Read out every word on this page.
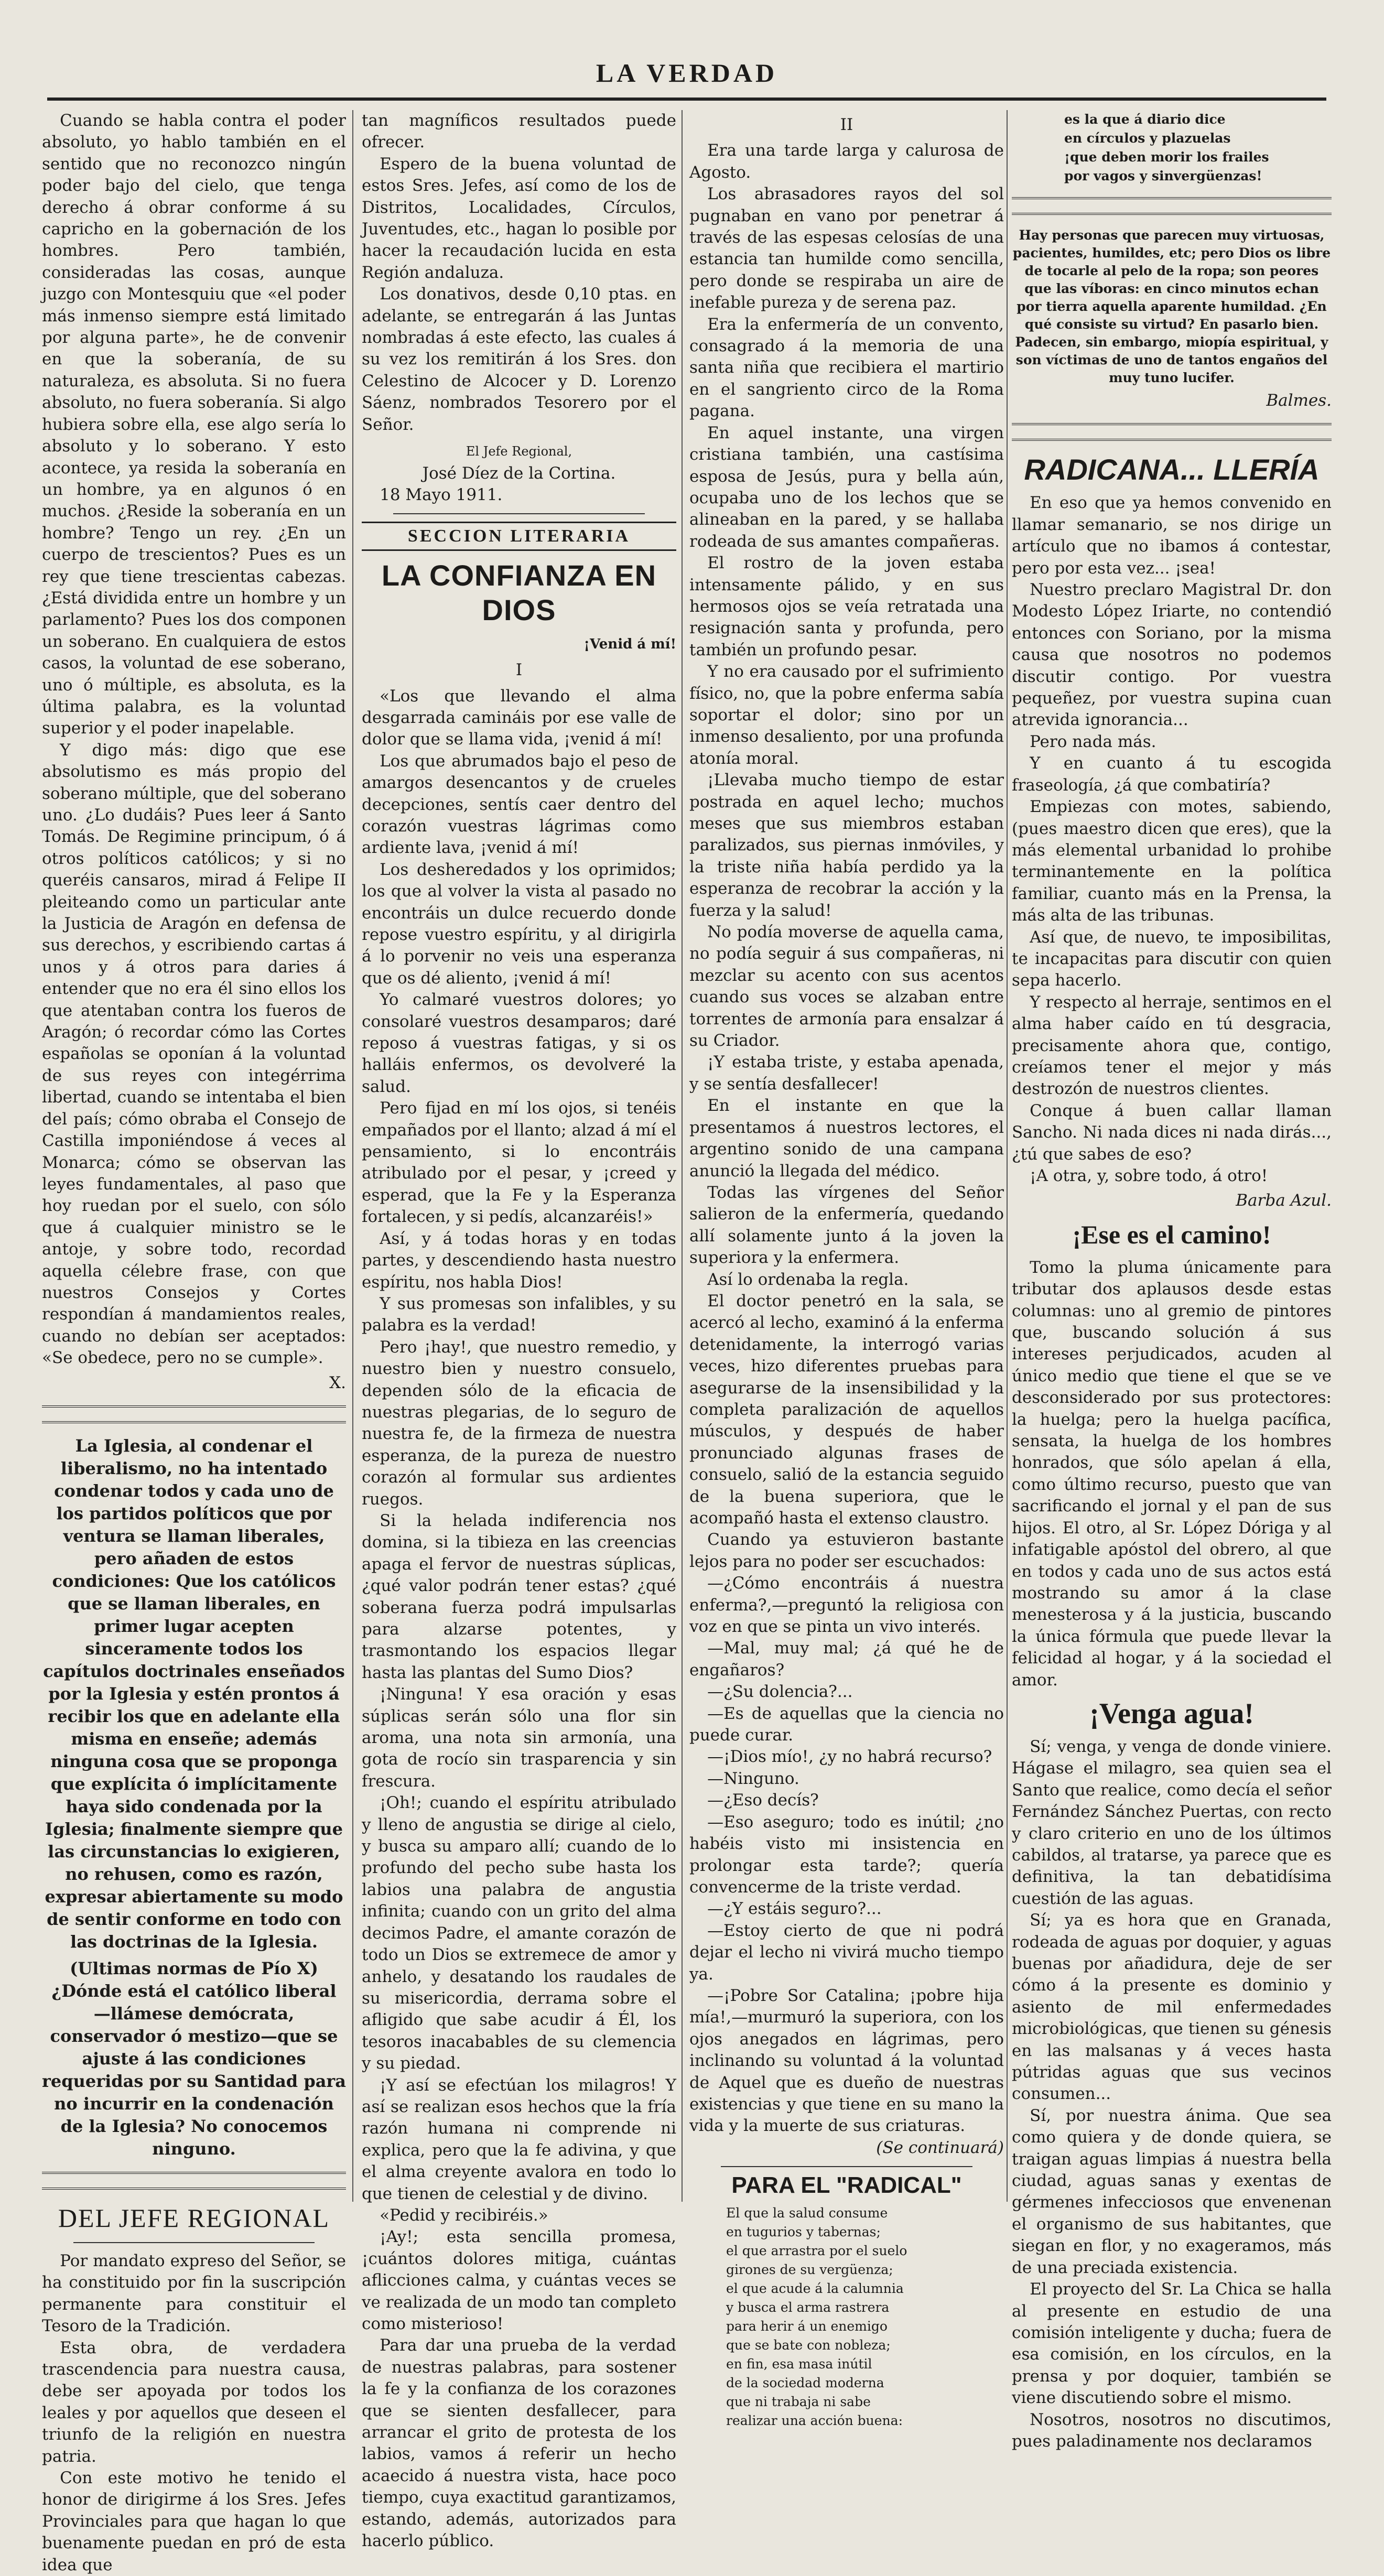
LA VERDAD

Cuando se habla contra el poder absoluto, yo hablo también en el sentido que no reconozco ningún poder bajo del cielo, que tenga derecho á obrar conforme á su capricho en la gobernación de los hombres. Pero también, consideradas las cosas, aunque juzgo con Montesquiu que «el poder más inmenso siempre está limitado por alguna parte», he de convenir en que la soberanía, de su naturaleza, es absoluta. Si no fuera absoluto, no fuera soberanía. Si algo hubiera sobre ella, ese algo sería lo absoluto y lo soberano. Y esto acontece, ya resida la soberanía en un hombre, ya en algunos ó en muchos. ¿Reside la soberanía en un hombre? Tengo un rey. ¿En un cuerpo de trescientos? Pues es un rey que tiene trescientas cabezas. ¿Está dividida entre un hombre y un parlamento? Pues los dos componen un soberano. En cualquiera de estos casos, la voluntad de ese soberano, uno ó múltiple, es absoluta, es la última palabra, es la voluntad superior y el poder inapelable.

Y digo más: digo que ese absolutismo es más propio del soberano múltiple, que del soberano uno. ¿Lo dudáis? Pues leer á Santo Tomás. De Regimine principum, ó á otros políticos católicos; y si no queréis cansaros, mirad á Felipe II pleiteando como un particular ante la Justicia de Aragón en defensa de sus derechos, y escribiendo cartas á unos y á otros para daries á entender que no era él sino ellos los que atentaban contra los fueros de Aragón; ó recordar cómo las Cortes españolas se oponían á la voluntad de sus reyes con integérrima libertad, cuando se intentaba el bien del país; cómo obraba el Consejo de Castilla imponiéndose á veces al Monarca; cómo se observan las leyes fundamentales, al paso que hoy ruedan por el suelo, con sólo que á cualquier ministro se le antoje, y sobre todo, recordad aquella célebre frase, con que nuestros Consejos y Cortes respondían á mandamientos reales, cuando no debían ser aceptados: «Se obedece, pero no se cumple».

X.

La Iglesia, al condenar el liberalismo, no ha intentado condenar todos y cada uno de los partidos políticos que por ventura se llaman liberales, pero añaden de estos condiciones: Que los católicos que se llaman liberales, en primer lugar acepten sinceramente todos los capítulos doctrinales enseñados por la Iglesia y estén prontos á recibir los que en adelante ella misma en enseñe; además ninguna cosa que se proponga que explícita ó implícitamente haya sido condenada por la Iglesia; finalmente siempre que las circunstancias lo exigieren, no rehusen, como es razón, expresar abiertamente su modo de sentir conforme en todo con las doctrinas de la Iglesia.
(Ultimas normas de Pío X) ¿Dónde está el católico liberal —llámese demócrata, conservador ó mestizo—que se ajuste á las condiciones requeridas por su Santidad para no incurrir en la condenación de la Iglesia? No conocemos ninguno.
DEL JEFE REGIONAL

Por mandato expreso del Señor, se ha constituido por fin la suscripción permanente para constituir el Tesoro de la Tradición.

Esta obra, de verdadera trascendencia para nuestra causa, debe ser apoyada por todos los leales y por aquellos que deseen el triunfo de la religión en nuestra patria.

Con este motivo he tenido el honor de dirigirme á los Sres. Jefes Provinciales para que hagan lo que buenamente puedan en pró de esta idea que

tan magníficos resultados puede ofrecer.

Espero de la buena voluntad de estos Sres. Jefes, así como de los de Distritos, Localidades, Círculos, Juventudes, etc., hagan lo posible por hacer la recaudación lucida en esta Región andaluza.

Los donativos, desde 0,10 ptas. en adelante, se entregarán á las Juntas nombradas á este efecto, las cuales á su vez los remitirán á los Sres. don Celestino de Alcocer y D. Lorenzo Sáenz, nombrados Tesorero por el Señor.

El Jefe Regional,

José Díez de la Cortina.

18 Mayo 1911.

SECCION LITERARIA
LA CONFIANZA EN DIOS
¡Venid á mí!

I

«Los que llevando el alma desgarrada camináis por ese valle de dolor que se llama vida, ¡venid á mí!

Los que abrumados bajo el peso de amargos desencantos y de crueles decepciones, sentís caer dentro del corazón vuestras lágrimas como ardiente lava, ¡venid á mí!

Los desheredados y los oprimidos; los que al volver la vista al pasado no encontráis un dulce recuerdo donde repose vuestro espíritu, y al dirigirla á lo porvenir no veis una esperanza que os dé aliento, ¡venid á mí!

Yo calmaré vuestros dolores; yo consolaré vuestros desamparos; daré reposo á vuestras fatigas, y si os halláis enfermos, os devolveré la salud.

Pero fijad en mí los ojos, si tenéis empañados por el llanto; alzad á mí el pensamiento, si lo encontráis atribulado por el pesar, y ¡creed y esperad, que la Fe y la Esperanza fortalecen, y si pedís, alcanzaréis!»

Así, y á todas horas y en todas partes, y descendiendo hasta nuestro espíritu, nos habla Dios!

Y sus promesas son infalibles, y su palabra es la verdad!

Pero ¡hay!, que nuestro remedio, y nuestro bien y nuestro consuelo, dependen sólo de la eficacia de nuestras plegarias, de lo seguro de nuestra fe, de la firmeza de nuestra esperanza, de la pureza de nuestro corazón al formular sus ardientes ruegos.

Si la helada indiferencia nos domina, si la tibieza en las creencias apaga el fervor de nuestras súplicas, ¿qué valor podrán tener estas? ¿qué soberana fuerza podrá impulsarlas para alzarse potentes, y trasmontando los espacios llegar hasta las plantas del Sumo Dios?

¡Ninguna! Y esa oración y esas súplicas serán sólo una flor sin aroma, una nota sin armonía, una gota de rocío sin trasparencia y sin frescura.

¡Oh!; cuando el espíritu atribulado y lleno de angustia se dirige al cielo, y busca su amparo allí; cuando de lo profundo del pecho sube hasta los labios una palabra de angustia infinita; cuando con un grito del alma decimos Padre, el amante corazón de todo un Dios se extremece de amor y anhelo, y desatando los raudales de su misericordia, derrama sobre el afligido que sabe acudir á Él, los tesoros inacabables de su clemencia y su piedad.

¡Y así se efectúan los milagros! Y así se realizan esos hechos que la fría razón humana ni comprende ni explica, pero que la fe adivina, y que el alma creyente avalora en todo lo que tienen de celestial y de divino.

«Pedid y recibiréis.»

¡Ay!; esta sencilla promesa, ¡cuántos dolores mitiga, cuántas aflicciones calma, y cuántas veces se ve realizada de un modo tan completo como misterioso!

Para dar una prueba de la verdad de nuestras palabras, para sostener la fe y la confianza de los corazones que se sienten desfallecer, para arrancar el grito de protesta de los labios, vamos á referir un hecho acaecido á nuestra vista, hace poco tiempo, cuya exactitud garantizamos, estando, además, autorizados para hacerlo público.

II

Era una tarde larga y calurosa de Agosto.

Los abrasadores rayos del sol pugnaban en vano por penetrar á través de las espesas celosías de una estancia tan humilde como sencilla, pero donde se respiraba un aire de inefable pureza y de serena paz.

Era la enfermería de un convento, consagrado á la memoria de una santa niña que recibiera el martirio en el sangriento circo de la Roma pagana.

En aquel instante, una virgen cristiana también, una castísima esposa de Jesús, pura y bella aún, ocupaba uno de los lechos que se alineaban en la pared, y se hallaba rodeada de sus amantes compañeras.

El rostro de la joven estaba intensamente pálido, y en sus hermosos ojos se veía retratada una resignación santa y profunda, pero también un profundo pesar.

Y no era causado por el sufrimiento físico, no, que la pobre enferma sabía soportar el dolor; sino por un inmenso desaliento, por una profunda atonía moral.

¡Llevaba mucho tiempo de estar postrada en aquel lecho; muchos meses que sus miembros estaban paralizados, sus piernas inmóviles, y la triste niña había perdido ya la esperanza de recobrar la acción y la fuerza y la salud!

No podía moverse de aquella cama, no podía seguir á sus compañeras, ni mezclar su acento con sus acentos cuando sus voces se alzaban entre torrentes de armonía para ensalzar á su Criador.

¡Y estaba triste, y estaba apenada, y se sentía desfallecer!

En el instante en que la presentamos á nuestros lectores, el argentino sonido de una campana anunció la llegada del médico.

Todas las vírgenes del Señor salieron de la enfermería, quedando allí solamente junto á la joven la superiora y la enfermera.

Así lo ordenaba la regla.

El doctor penetró en la sala, se acercó al lecho, examinó á la enferma detenidamente, la interrogó varias veces, hizo diferentes pruebas para asegurarse de la insensibilidad y la completa paralización de aquellos músculos, y después de haber pronunciado algunas frases de consuelo, salió de la estancia seguido de la buena superiora, que le acompañó hasta el extenso claustro.

Cuando ya estuvieron bastante lejos para no poder ser escuchados:

—¿Cómo encontráis á nuestra enferma?,—preguntó la religiosa con voz en que se pinta un vivo interés.

—Mal, muy mal; ¿á qué he de engañaros?

—¿Su dolencia?...

—Es de aquellas que la ciencia no puede curar.

—¡Dios mío!, ¿y no habrá recurso?

—Ninguno.

—¿Eso decís?

—Eso aseguro; todo es inútil; ¿no habéis visto mi insistencia en prolongar esta tarde?; quería convencerme de la triste verdad.

—¿Y estáis seguro?...

—Estoy cierto de que ni podrá dejar el lecho ni vivirá mucho tiempo ya.

—¡Pobre Sor Catalina; ¡pobre hija mía!,—murmuró la superiora, con los ojos anegados en lágrimas, pero inclinando su voluntad á la voluntad de Aquel que es dueño de nuestras existencias y que tiene en su mano la vida y la muerte de sus criaturas.

(Se continuará)

PARA EL "RADICAL"
El que la salud consume
en tugurios y tabernas;
el que arrastra por el suelo
girones de su vergüenza;
el que acude á la calumnia
y busca el arma rastrera
para herir á un enemigo
que se bate con nobleza;
en fin, esa masa inútil
de la sociedad moderna
que ni trabaja ni sabe
realizar una acción buena:
es la que á diario dice
en círculos y plazuelas
¡que deben morir los frailes
por vagos y sinvergüenzas!
Hay personas que parecen muy virtuosas, pacientes, humildes, etc; pero Dios os libre de tocarle al pelo de la ropa; son peores que las víboras: en cinco minutos echan por tierra aquella aparente humildad. ¿En qué consiste su virtud? En pasarlo bien. Padecen, sin embargo, miopía espiritual, y son víctimas de uno de tantos engaños del muy tuno lucifer.

Balmes.

RADICANA... LLERÍA

En eso que ya hemos convenido en llamar semanario, se nos dirige un artículo que no ibamos á contestar, pero por esta vez... ¡sea!

Nuestro preclaro Magistral Dr. don Modesto López Iriarte, no contendió entonces con Soriano, por la misma causa que nosotros no podemos discutir contigo. Por vuestra pequeñez, por vuestra supina cuan atrevida ignorancia...

Pero nada más.

Y en cuanto á tu escogida fraseología, ¿á que combatiría?

Empiezas con motes, sabiendo, (pues maestro dicen que eres), que la más elemental urbanidad lo prohibe terminantemente en la política familiar, cuanto más en la Prensa, la más alta de las tribunas.

Así que, de nuevo, te imposibilitas, te incapacitas para discutir con quien sepa hacerlo.

Y respecto al herraje, sentimos en el alma haber caído en tú desgracia, precisamente ahora que, contigo, creíamos tener el mejor y más destrozón de nuestros clientes.

Conque á buen callar llaman Sancho. Ni nada dices ni nada dirás..., ¿tú que sabes de eso?

¡A otra, y, sobre todo, á otro!

Barba Azul.

¡Ese es el camino!

Tomo la pluma únicamente para tributar dos aplausos desde estas columnas: uno al gremio de pintores que, buscando solución á sus intereses perjudicados, acuden al único medio que tiene el que se ve desconsiderado por sus protectores: la huelga; pero la huelga pacífica, sensata, la huelga de los hombres honrados, que sólo apelan á ella, como último recurso, puesto que van sacrificando el jornal y el pan de sus hijos. El otro, al Sr. López Dóriga y al infatigable apóstol del obrero, al que en todos y cada uno de sus actos está mostrando su amor á la clase menesterosa y á la justicia, buscando la única fórmula que puede llevar la felicidad al hogar, y á la sociedad el amor.

¡Venga agua!

Sí; venga, y venga de donde viniere. Hágase el milagro, sea quien sea el Santo que realice, como decía el señor Fernández Sánchez Puertas, con recto y claro criterio en uno de los últimos cabildos, al tratarse, ya parece que es definitiva, la tan debatidísima cuestión de las aguas.

Sí; ya es hora que en Granada, rodeada de aguas por doquier, y aguas buenas por añadidura, deje de ser cómo á la presente es dominio y asiento de mil enfermedades microbiológicas, que tienen su génesis en las malsanas y á veces hasta pútridas aguas que sus vecinos consumen...

Sí, por nuestra ánima. Que sea como quiera y de donde quiera, se traigan aguas limpias á nuestra bella ciudad, aguas sanas y exentas de gérmenes infecciosos que envenenan el organismo de sus habitantes, que siegan en flor, y no exageramos, más de una preciada existencia.

El proyecto del Sr. La Chica se halla al presente en estudio de una comisión inteligente y ducha; fuera de esa comisión, en los círculos, en la prensa y por doquier, también se viene discutiendo sobre el mismo.

Nosotros, nosotros no discutimos, pues paladinamente nos declaramos
